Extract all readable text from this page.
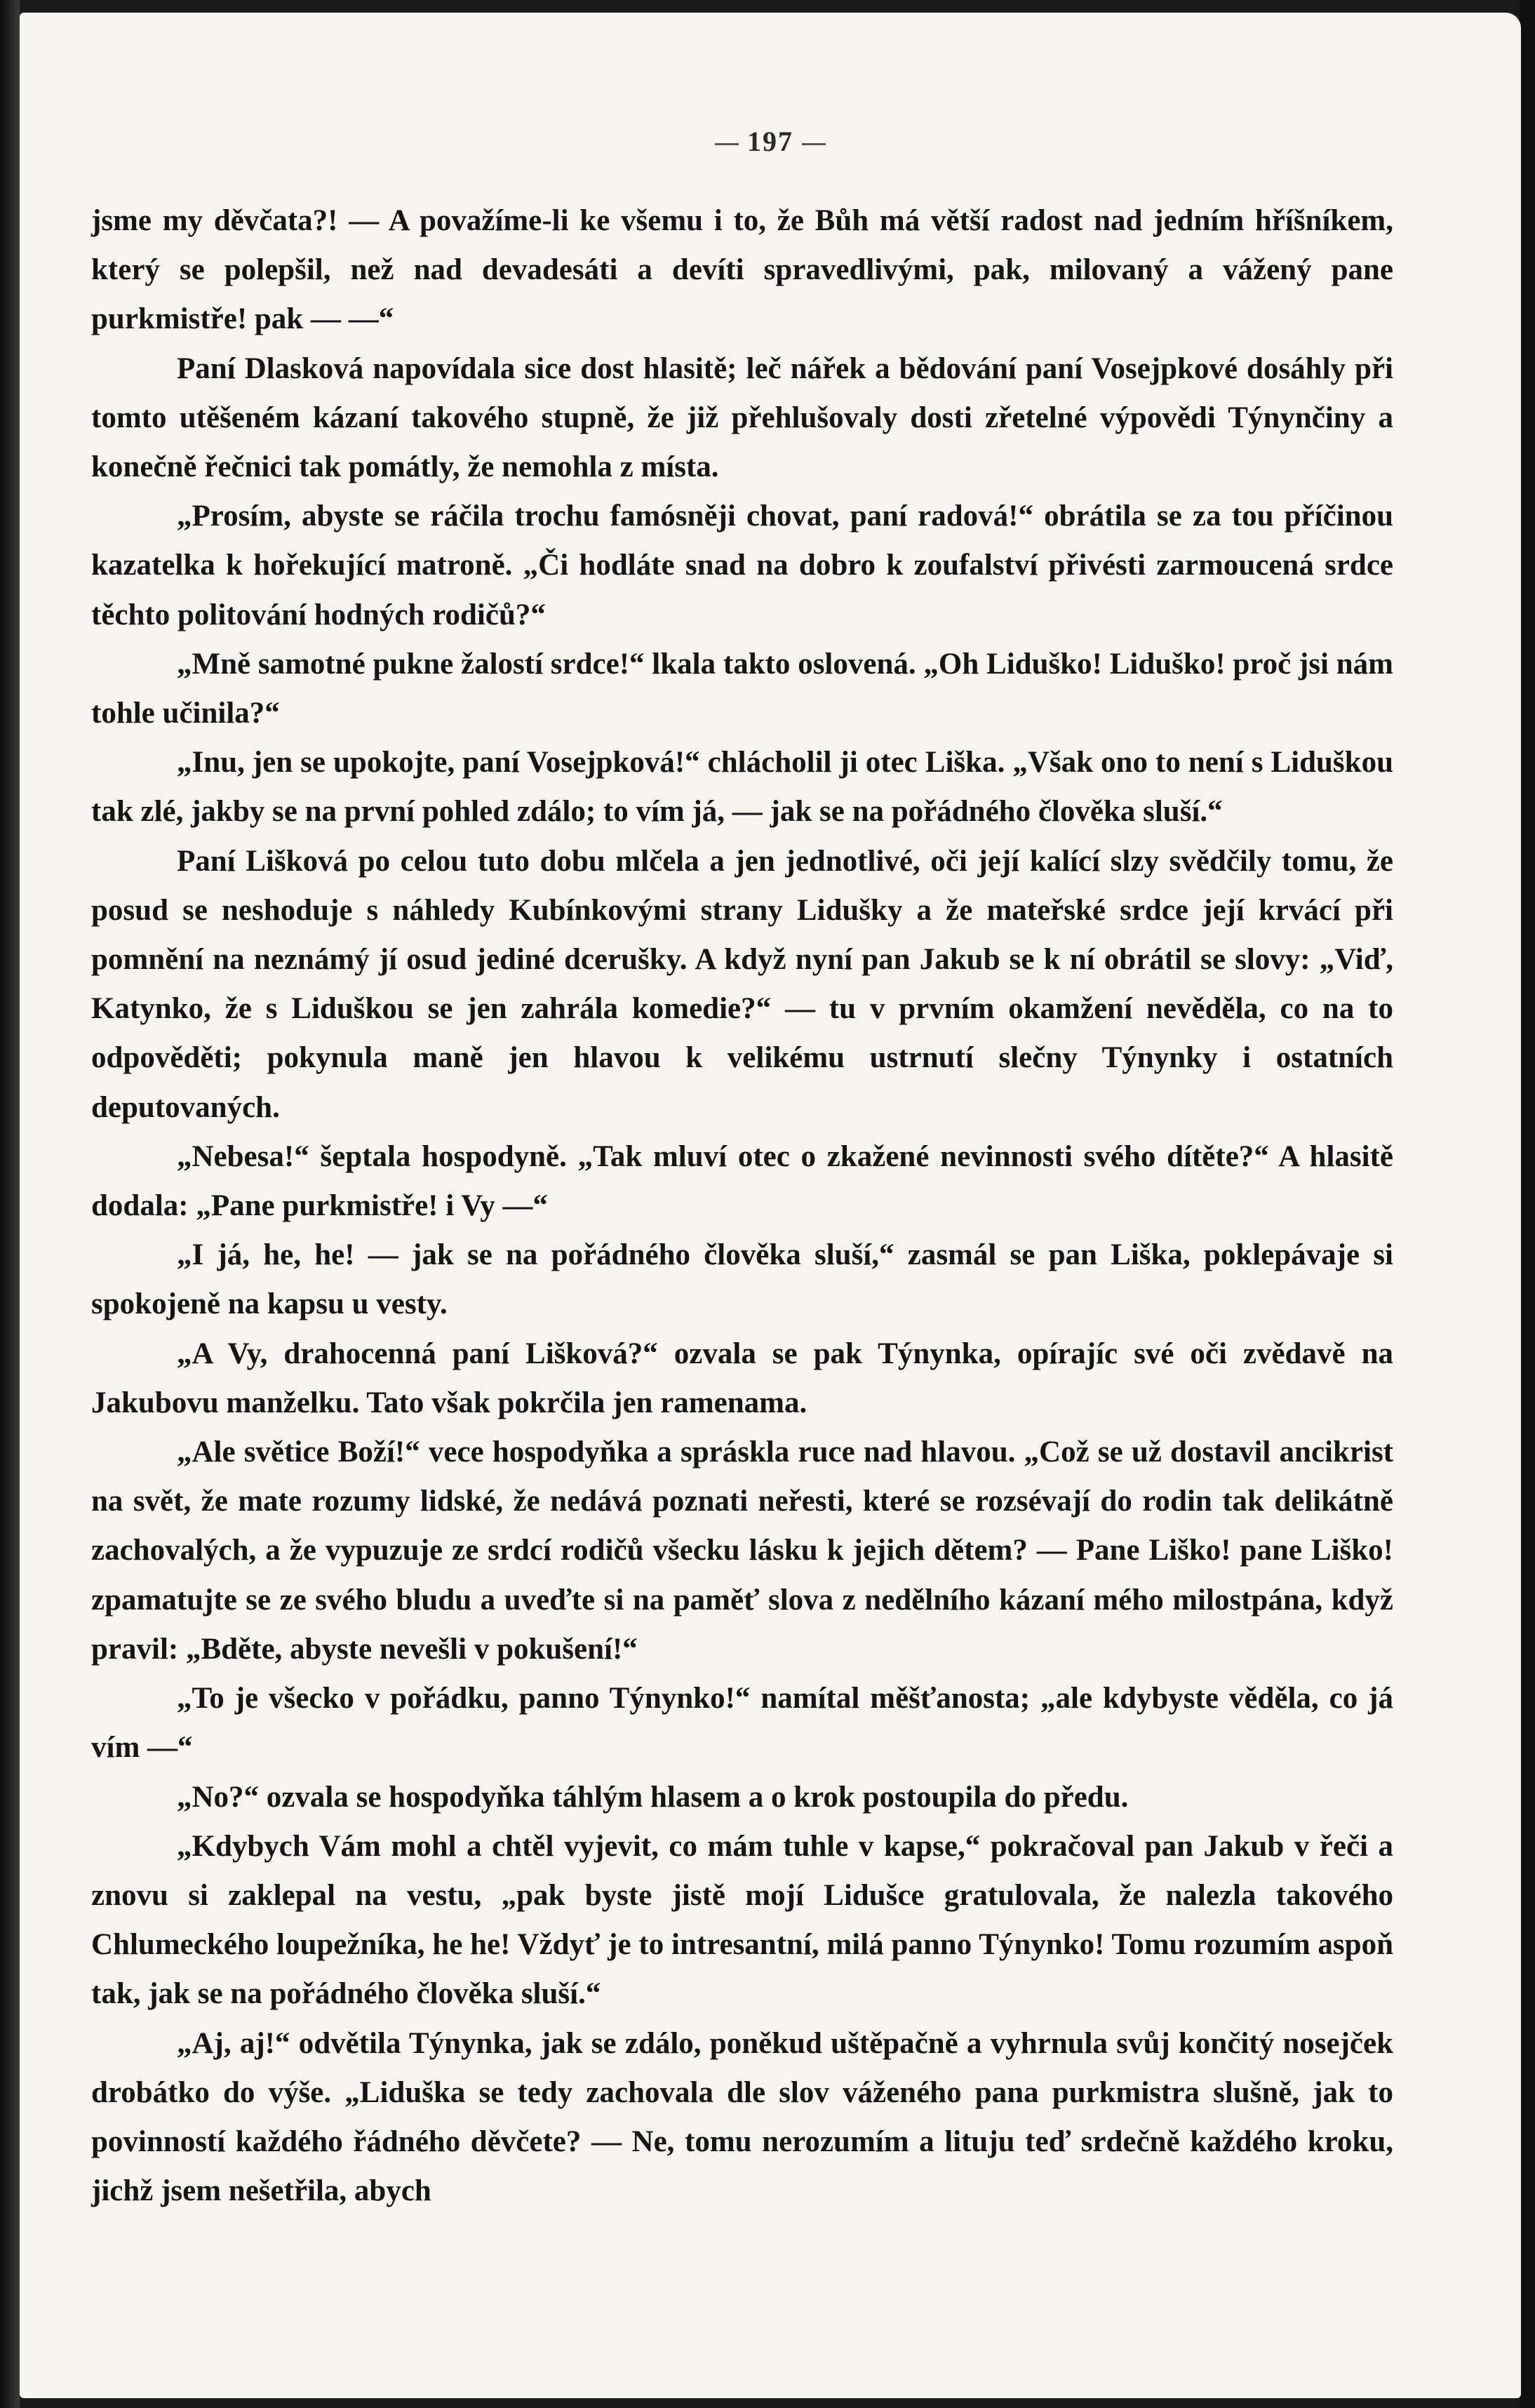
197

jsme my děvčata?! — A považíme-li ke všemu i to, že Bůh má větší radost nad jedním hříšníkem, který se polepšil, než nad devadesáti a devíti spravedlivými, pak, milovaný a vážený pane purkmistře! pak — —“

Paní Dlasková napovídala sice dost hlasitě; leč nářek a bědování paní Vosejpkové dosáhly při tomto utěšeném kázaní takového stupně, že již přehlušovaly dosti zřetelné výpovědi Týnynčiny a konečně řečnici tak pomátly, že nemohla z místa.

„Prosím, abyste se ráčila trochu famósněji chovat, paní radová!“ obrátila se za tou příčinou kazatelka k hořekující matroně. „Či hodláte snad na dobro k zoufalství přivésti zarmoucená srdce těchto politování hodných rodičů?“

„Mně samotné pukne žalostí srdce!“ lkala takto oslovená. „Oh Liduško! Liduško! proč jsi nám tohle učinila?“

„Inu, jen se upokojte, paní Vosejpková!“ chlácholil ji otec Liška. „Však ono to není s Liduškou tak zlé, jakby se na první pohled zdálo; to vím já, — jak se na pořádného člověka sluší.“

Paní Lišková po celou tuto dobu mlčela a jen jednotlivé, oči její kalící slzy svědčily tomu, že posud se neshoduje s náhledy Kubínkovými strany Lidušky a že mateřské srdce její krvácí při pomnění na neznámý jí osud jediné dcerušky. A když nyní pan Jakub se k ní obrátil se slovy: „Viď, Katynko, že s Liduškou se jen zahrála komedie?“ — tu v prvním okamžení nevěděla, co na to odpověděti; pokynula maně jen hlavou k velikému ustrnutí slečny Týnynky i ostatních deputovaných.

„Nebesa!“ šeptala hospodyně. „Tak mluví otec o zkažené nevinnosti svého dítěte?“ A hlasitě dodala: „Pane purkmistře! i Vy —“

„I já, he, he! — jak se na pořádného člověka sluší,“ zasmál se pan Liška, poklepávaje si spokojeně na kapsu u vesty.

„A Vy, drahocenná paní Lišková?“ ozvala se pak Týnynka, opírajíc své oči zvědavě na Jakubovu manželku. Tato však pokrčila jen ramenama.

„Ale světice Boží!“ vece hospodyňka a spráskla ruce nad hlavou. „Což se už dostavil ancikrist na svět, že mate rozumy lidské, že nedává poznati neřesti, které se rozsévají do rodin tak delikátně zachovalých, a že vypuzuje ze srdcí rodičů všecku lásku k jejich dětem? — Pane Liško! pane Liško! zpamatujte se ze svého bludu a uveďte si na paměť slova z nedělního kázaní mého milostpána, když pravil: „Bděte, abyste nevešli v pokušení!“

„To je všecko v pořádku, panno Týnynko!“ namítal měšťanosta; „ale kdybyste věděla, co já vím —“

„No?“ ozvala se hospodyňka táhlým hlasem a o krok postoupila do předu.

„Kdybych Vám mohl a chtěl vyjevit, co mám tuhle v kapse,“ pokračoval pan Jakub v řeči a znovu si zaklepal na vestu, „pak byste jistě mojí Lidušce gratulovala, že nalezla takového Chlumeckého loupežníka, he he! Vždyť je to intresantní, milá panno Týnynko! Tomu rozumím aspoň tak, jak se na pořádného člověka sluší.“

„Aj, aj!“ odvětila Týnynka, jak se zdálo, poněkud uštěpačně a vyhrnula svůj končitý nosejček drobátko do výše. „Liduška se tedy zachovala dle slov váženého pana purkmistra slušně, jak to povinností každého řádného děvčete? — Ne, tomu nerozumím a lituju teď srdečně každého kroku, jichž jsem nešetřila, abych
